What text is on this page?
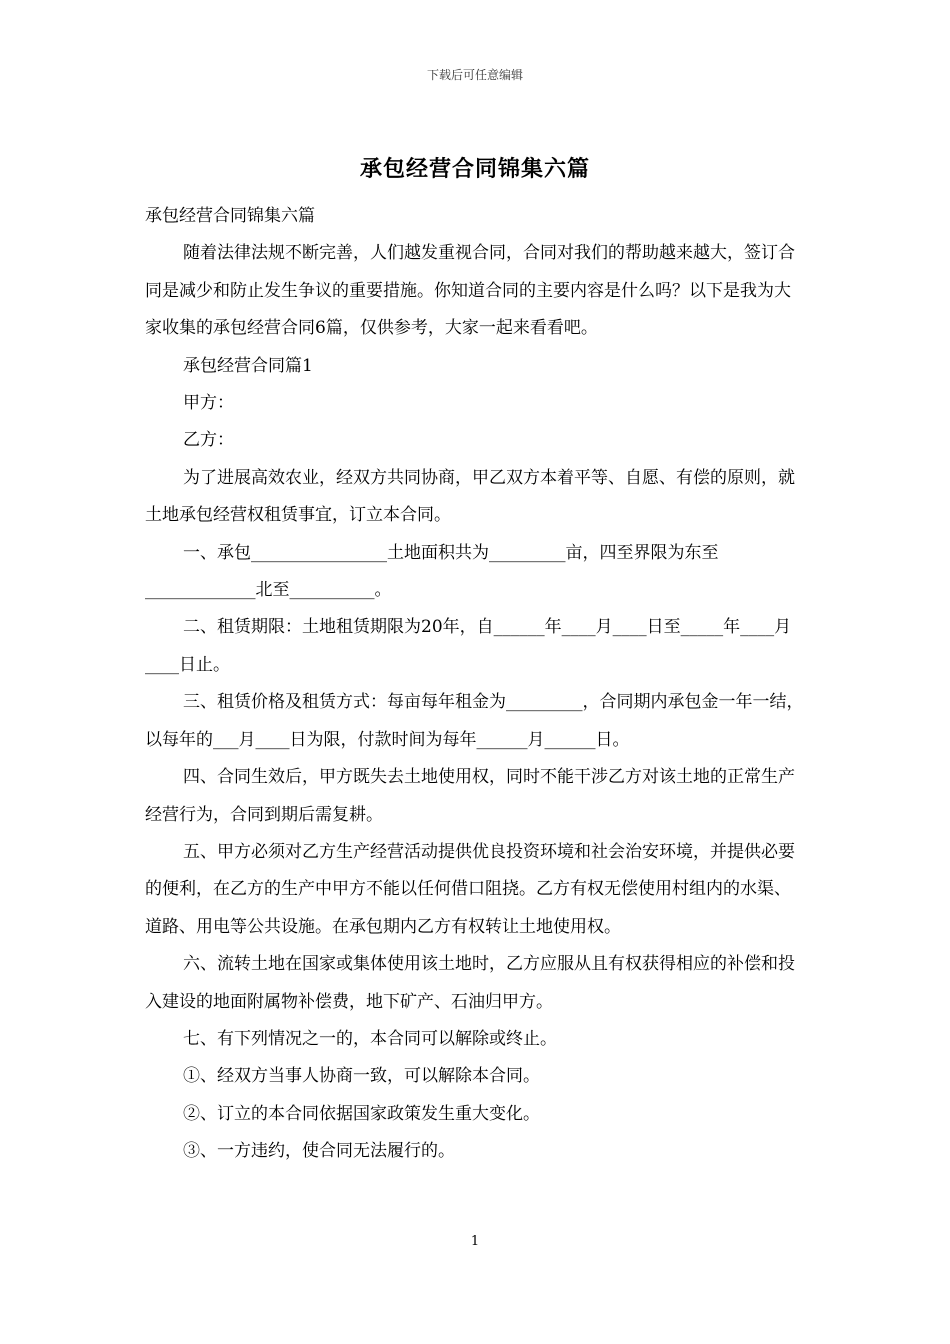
下载后可任意编辑
承包经营合同锦集六篇

承包经营合同锦集六篇

随着法律法规不断完善，人们越发重视合同，合同对我们的帮助越来越大，签订合同是减少和防止发生争议的重要措施。你知道合同的主要内容是什么吗？以下是我为大家收集的承包经营合同6篇，仅供参考，大家一起来看看吧。

承包经营合同篇1

甲方：

乙方：

为了进展高效农业，经双方共同协商，甲乙双方本着平等、自愿、有偿的原则，就土地承包经营权租赁事宜，订立本合同。

一、承包________________土地面积共为_________亩，四至界限为东至_____________北至__________。

二、租赁期限：土地租赁期限为20年，自______年____月____日至_____年____月____日止。

三、租赁价格及租赁方式：每亩每年租金为_________，合同期内承包金一年一结，以每年的___月____日为限，付款时间为每年______月______日。

四、合同生效后，甲方既失去土地使用权，同时不能干涉乙方对该土地的正常生产经营行为，合同到期后需复耕。

五、甲方必须对乙方生产经营活动提供优良投资环境和社会治安环境，并提供必要的便利，在乙方的生产中甲方不能以任何借口阻挠。乙方有权无偿使用村组内的水渠、道路、用电等公共设施。在承包期内乙方有权转让土地使用权。

六、流转土地在国家或集体使用该土地时，乙方应服从且有权获得相应的补偿和投入建设的地面附属物补偿费，地下矿产、石油归甲方。

七、有下列情况之一的，本合同可以解除或终止。

①、经双方当事人协商一致，可以解除本合同。

②、订立的本合同依据国家政策发生重大变化。

③、一方违约，使合同无法履行的。

1
